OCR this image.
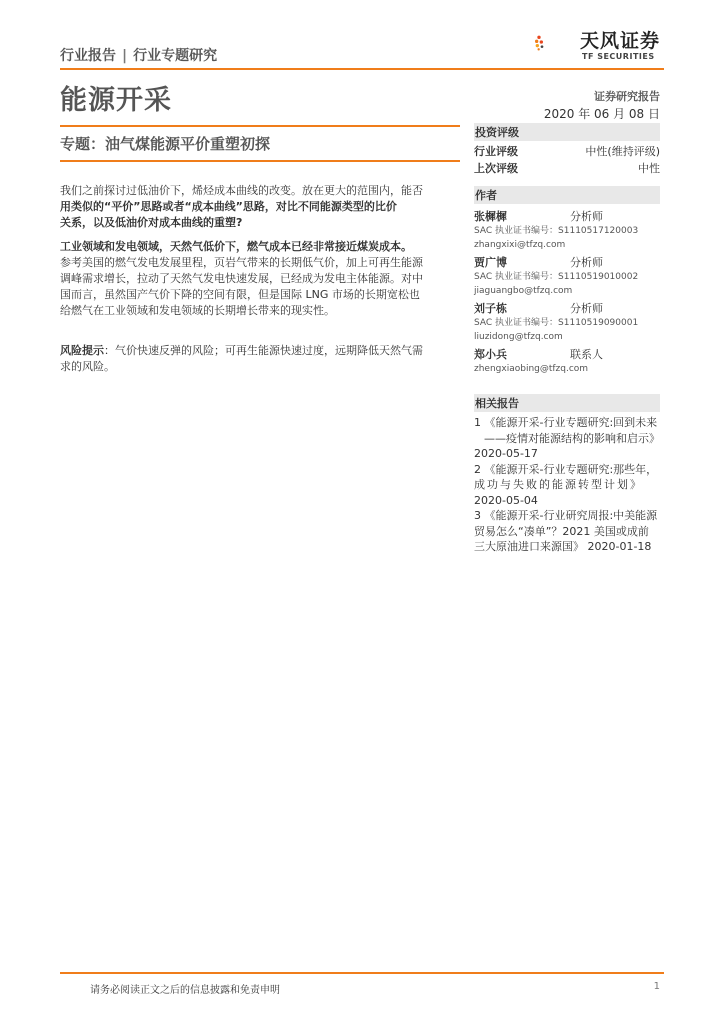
行业报告 | 行业专题研究
天风证券
TF SECURITIES
能源开采	证券研究报告
2020 年 06 月 08 日
专题：油气煤能源平价重塑初探
投资评级
行业评级	中性(维持评级)
上次评级	中性
作者
张樨樨	分析师
SAC 执业证书编号：S1110517120003
zhangxixi@tfzq.com
贾广博	分析师
SAC 执业证书编号：S1110519010002
jiaguangbo@tfzq.com
刘子栋	分析师
SAC 执业证书编号：S1110519090001
liuzidong@tfzq.com
郑小兵	联系人
zhengxiaobing@tfzq.com
相关报告
1 《能源开采-行业专题研究:回到未来
——疫情对能源结构的影响和启示》
2020-05-17
2 《能源开采-行业专题研究:那些年，
成功与失败的能源转型计划》
2020-05-04
3 《能源开采-行业研究周报:中美能源
贸易怎么“凑单”？2021 美国或成前
三大原油进口来源国》 2020-01-18

我们之前探讨过低油价下，烯烃成本曲线的改变。放在更大的范围内，能否
用类似的“平价”思路或者“成本曲线”思路，对比不同能源类型的比价
关系，以及低油价对成本曲线的重塑?

工业领域和发电领域，天然气低价下，燃气成本已经非常接近煤炭成本。
参考美国的燃气发电发展里程，页岩气带来的长期低气价，加上可再生能源
调峰需求增长，拉动了天然气发电快速发展，已经成为发电主体能源。对中
国而言，虽然国产气价下降的空间有限，但是国际 LNG 市场的长期宽松也
给燃气在工业领域和发电领域的长期增长带来的现实性。

风险提示：气价快速反弹的风险；可再生能源快速过度，远期降低天然气需
求的风险。

请务必阅读正文之后的信息披露和免责申明	1
